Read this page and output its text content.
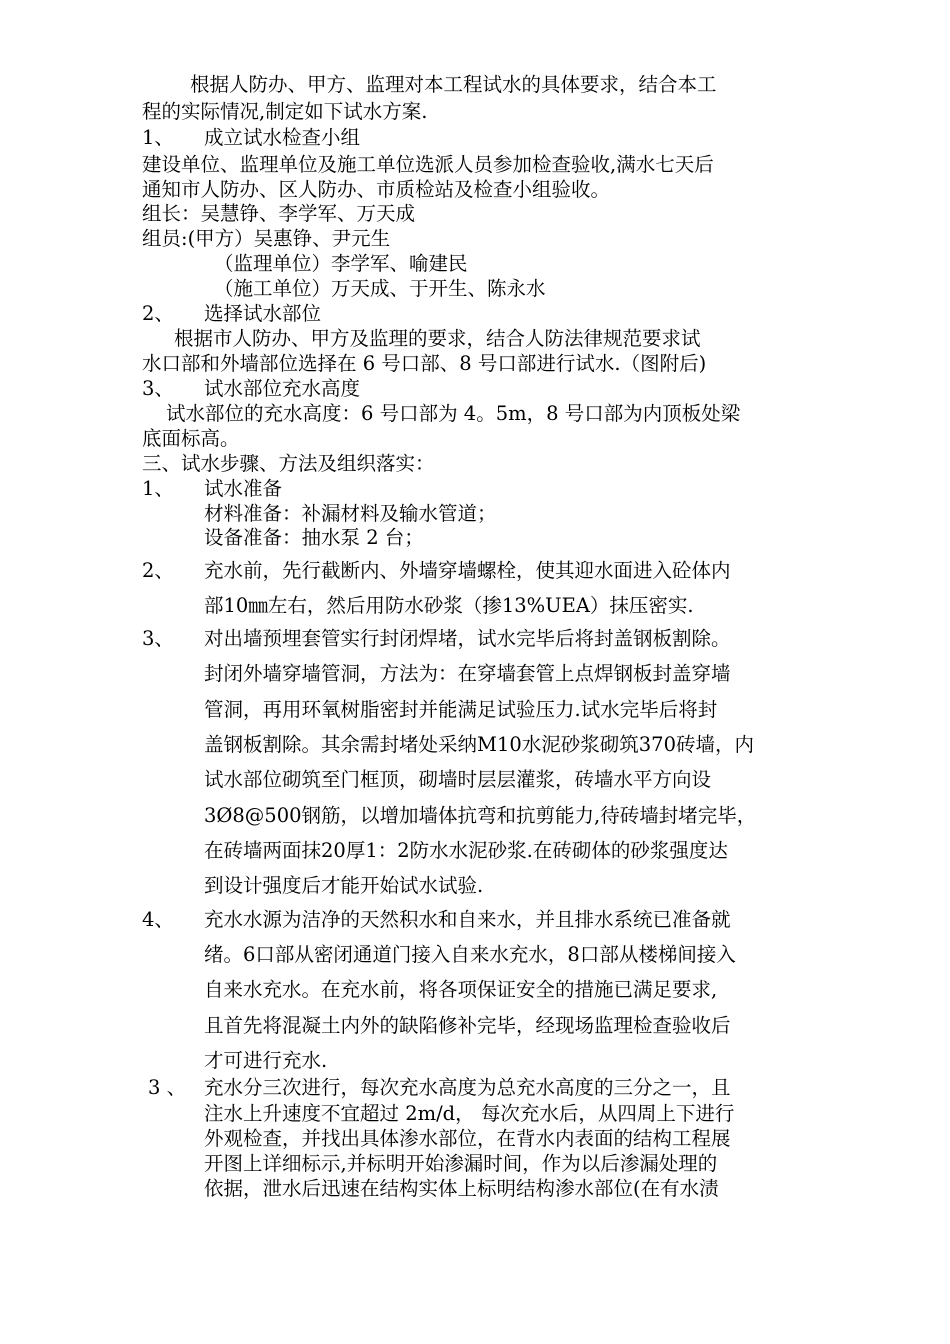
根据人防办、甲方、监理对本工程试水的具体要求，结合本工
程的实际情况,制定如下试水方案.
1、 成立试水检查小组
建设单位、监理单位及施工单位选派人员参加检查验收,满水七天后
通知市人防办、区人防办、市质检站及检查小组验收。
组长：吴慧铮、李学军、万天成
组员:(甲方）吴惠铮、尹元生
（监理单位）李学军、喻建民
（施工单位）万天成、于开生、陈永水
2、 选择试水部位
根据市人防办、甲方及监理的要求，结合人防法律规范要求试
水口部和外墙部位选择在 6 号口部、8 号口部进行试水.（图附后)
3、 试水部位充水高度
试水部位的充水高度：6 号口部为 4。5m，8 号口部为内顶板处梁
底面标高。
三、试水步骤、方法及组织落实：
1、 试水准备
材料准备：补漏材料及输水管道；
设备准备：抽水泵 2 台；
2、 充水前，先行截断内、外墙穿墙螺栓，使其迎水面进入砼体内
部10㎜左右，然后用防水砂浆（掺13%UEA）抹压密实.
3、 对出墙预埋套管实行封闭焊堵，试水完毕后将封盖钢板割除。
封闭外墙穿墙管洞，方法为：在穿墙套管上点焊钢板封盖穿墙
管洞，再用环氧树脂密封并能满足试验压力.试水完毕后将封
盖钢板割除。其余需封堵处采纳M10水泥砂浆砌筑370砖墙，内
试水部位砌筑至门框顶，砌墙时层层灌浆，砖墙水平方向设
3Ø8@500钢筋，以增加墙体抗弯和抗剪能力,待砖墙封堵完毕，
在砖墙两面抹20厚1：2防水水泥砂浆.在砖砌体的砂浆强度达
到设计强度后才能开始试水试验.
4、 充水水源为洁净的天然积水和自来水，并且排水系统已准备就
绪。6口部从密闭通道门接入自来水充水，8口部从楼梯间接入
自来水充水。在充水前，将各项保证安全的措施已满足要求,
且首先将混凝土内外的缺陷修补完毕，经现场监理检查验收后
才可进行充水.
3 、 充水分三次进行，每次充水高度为总充水高度的三分之一，且
注水上升速度不宜超过 2m/d， 每次充水后，从四周上下进行
外观检查，并找出具体渗水部位，在背水内表面的结构工程展
开图上详细标示,并标明开始渗漏时间，作为以后渗漏处理的
依据，泄水后迅速在结构实体上标明结构渗水部位(在有水渍
